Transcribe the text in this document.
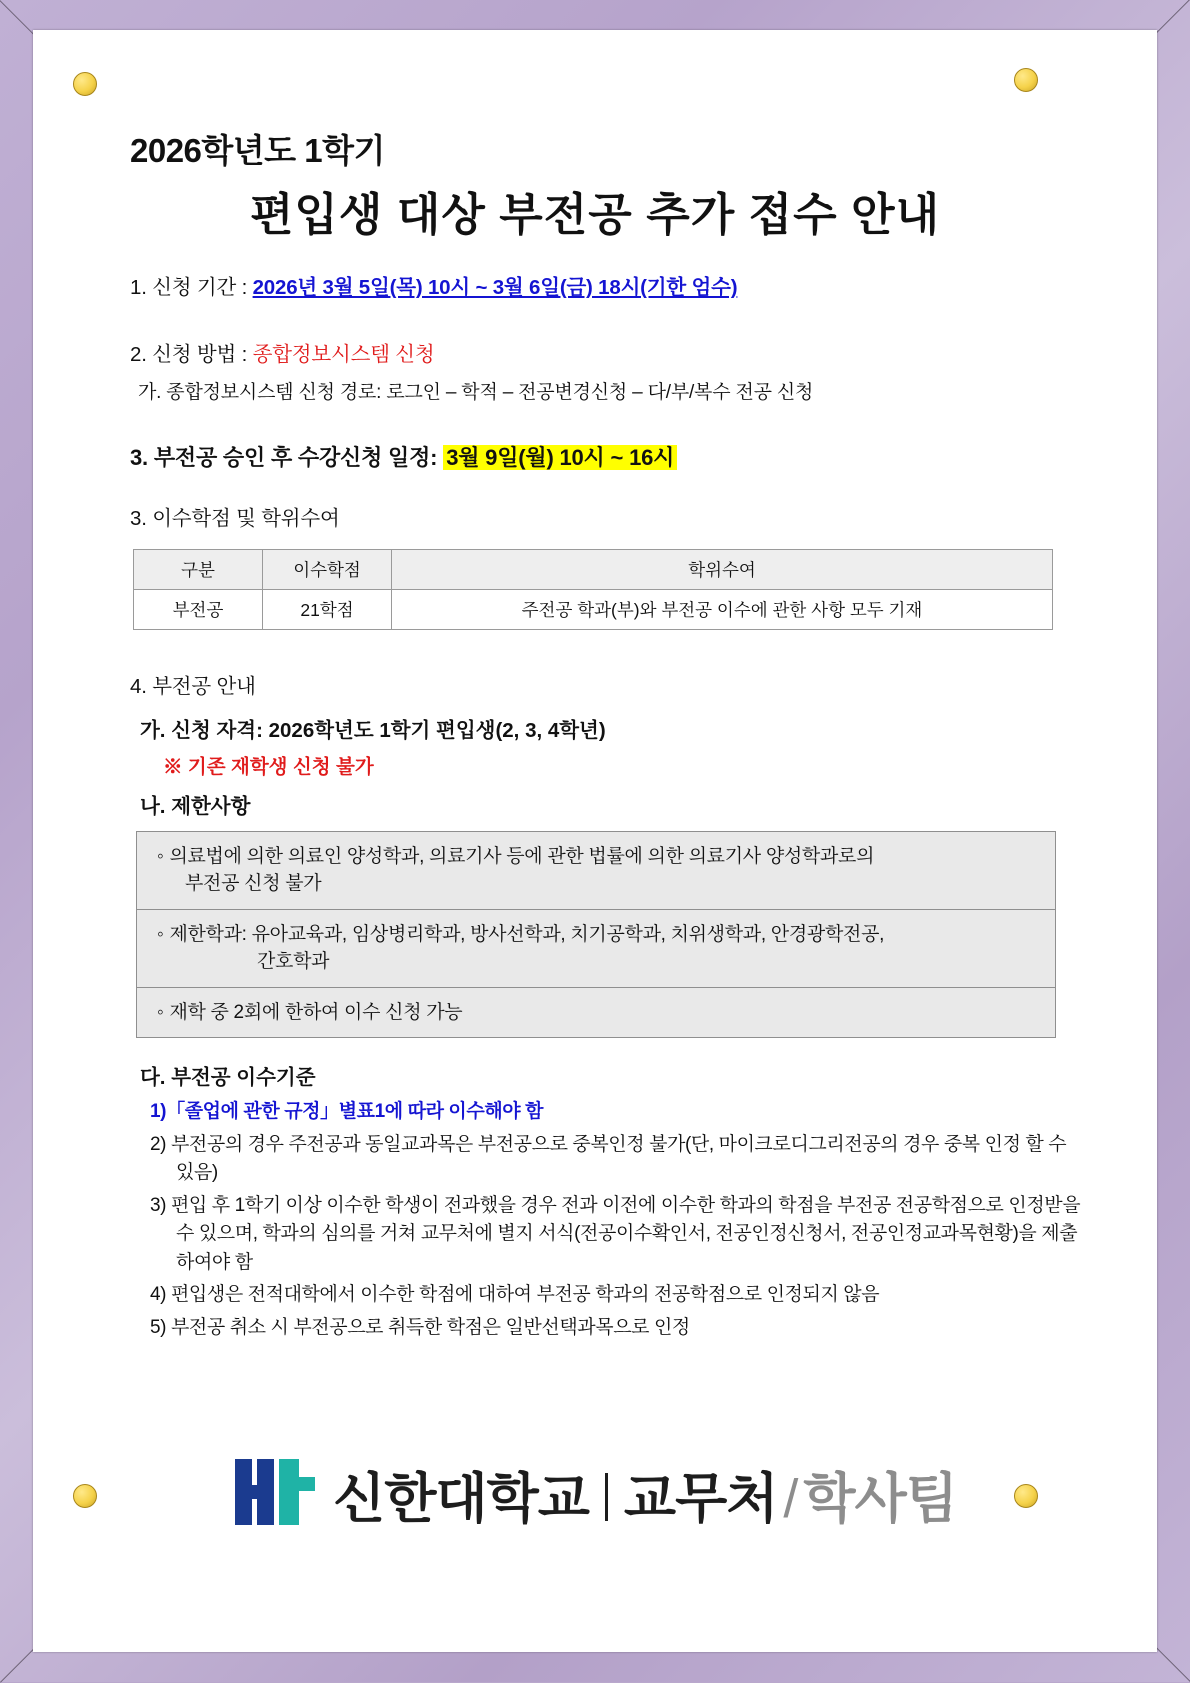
2026학년도 1학기
편입생 대상 부전공 추가 접수 안내
1. 신청 기간 : 2026년 3월 5일(목) 10시 ~ 3월 6일(금) 18시(기한 엄수)
2. 신청 방법 : 종합정보시스템 신청
가. 종합정보시스템 신청 경로: 로그인 – 학적 – 전공변경신청 – 다/부/복수 전공 신청
3. 부전공 승인 후 수강신청 일정: 3월 9일(월) 10시 ~ 16시
3. 이수학점 및 학위수여
구분	이수학점	학위수여
부전공	21학점	주전공 학과(부)와 부전공 이수에 관한 사항 모두 기재
4. 부전공 안내
가. 신청 자격: 2026학년도 1학기 편입생(2, 3, 4학년)
※ 기존 재학생 신청 불가
나. 제한사항
◦ 의료법에 의한 의료인 양성학과, 의료기사 등에 관한 법률에 의한 의료기사 양성학과로의
부전공 신청 불가
◦ 제한학과: 유아교육과, 임상병리학과, 방사선학과, 치기공학과, 치위생학과, 안경광학전공,
간호학과
◦ 재학 중 2회에 한하여 이수 신청 가능
다. 부전공 이수기준
1)「졸업에 관한 규정」별표1에 따라 이수해야 함
2) 부전공의 경우 주전공과 동일교과목은 부전공으로 중복인정 불가(단, 마이크로디그리전공의 경우 중복 인정 할 수 있음)
3) 편입 후 1학기 이상 이수한 학생이 전과했을 경우 전과 이전에 이수한 학과의 학점을 부전공 전공학점으로 인정받을 수 있으며, 학과의 심의를 거쳐 교무처에 별지 서식(전공이수확인서, 전공인정신청서, 전공인정교과목현황)을 제출하여야 함
4) 편입생은 전적대학에서 이수한 학점에 대하여 부전공 학과의 전공학점으로 인정되지 않음
5) 부전공 취소 시 부전공으로 취득한 학점은 일반선택과목으로 인정
신한대학교 교무처 / 학사팀
